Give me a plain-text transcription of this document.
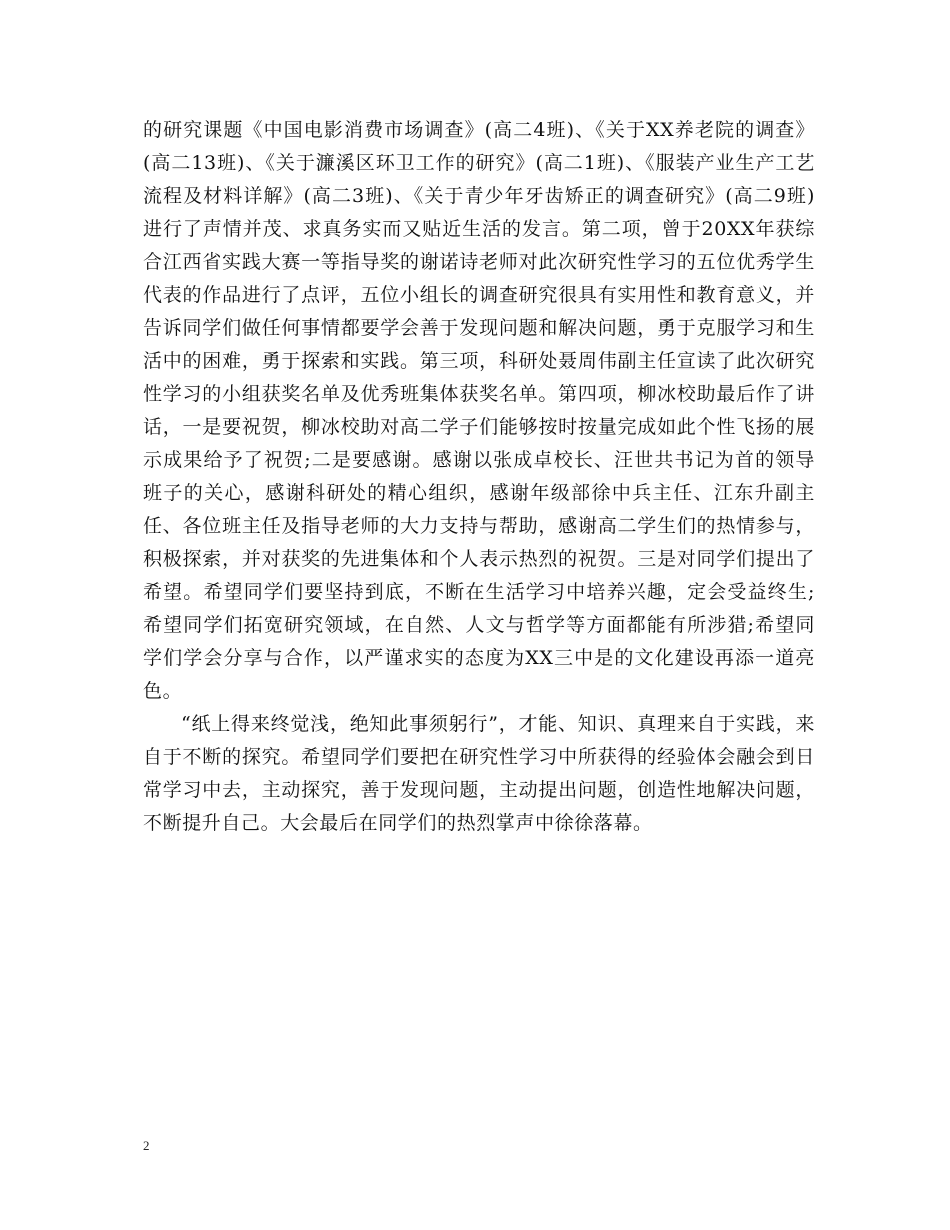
的研究课题《中国电影消费市场调查》(高二4班)、《关于XX养老院的调查》(高二13班)、《关于濂溪区环卫工作的研究》(高二1班)、《服装产业生产工艺流程及材料详解》(高二3班)、《关于青少年牙齿矫正的调查研究》(高二9班)进行了声情并茂、求真务实而又贴近生活的发言。第二项，曾于20XX年获综合江西省实践大赛一等指导奖的谢诺诗老师对此次研究性学习的五位优秀学生代表的作品进行了点评，五位小组长的调查研究很具有实用性和教育意义，并告诉同学们做任何事情都要学会善于发现问题和解决问题，勇于克服学习和生活中的困难，勇于探索和实践。第三项，科研处聂周伟副主任宣读了此次研究性学习的小组获奖名单及优秀班集体获奖名单。第四项，柳冰校助最后作了讲话，一是要祝贺，柳冰校助对高二学子们能够按时按量完成如此个性飞扬的展示成果给予了祝贺;二是要感谢。感谢以张成卓校长、汪世共书记为首的领导班子的关心，感谢科研处的精心组织，感谢年级部徐中兵主任、江东升副主任、各位班主任及指导老师的大力支持与帮助，感谢高二学生们的热情参与，积极探索，并对获奖的先进集体和个人表示热烈的祝贺。三是对同学们提出了希望。希望同学们要坚持到底，不断在生活学习中培养兴趣，定会受益终生;希望同学们拓宽研究领域，在自然、人文与哲学等方面都能有所涉猎;希望同学们学会分享与合作，以严谨求实的态度为XX三中是的文化建设再添一道亮色。

“纸上得来终觉浅，绝知此事须躬行”，才能、知识、真理来自于实践，来自于不断的探究。希望同学们要把在研究性学习中所获得的经验体会融会到日常学习中去，主动探究，善于发现问题，主动提出问题，创造性地解决问题，不断提升自己。大会最后在同学们的热烈掌声中徐徐落幕。

2
